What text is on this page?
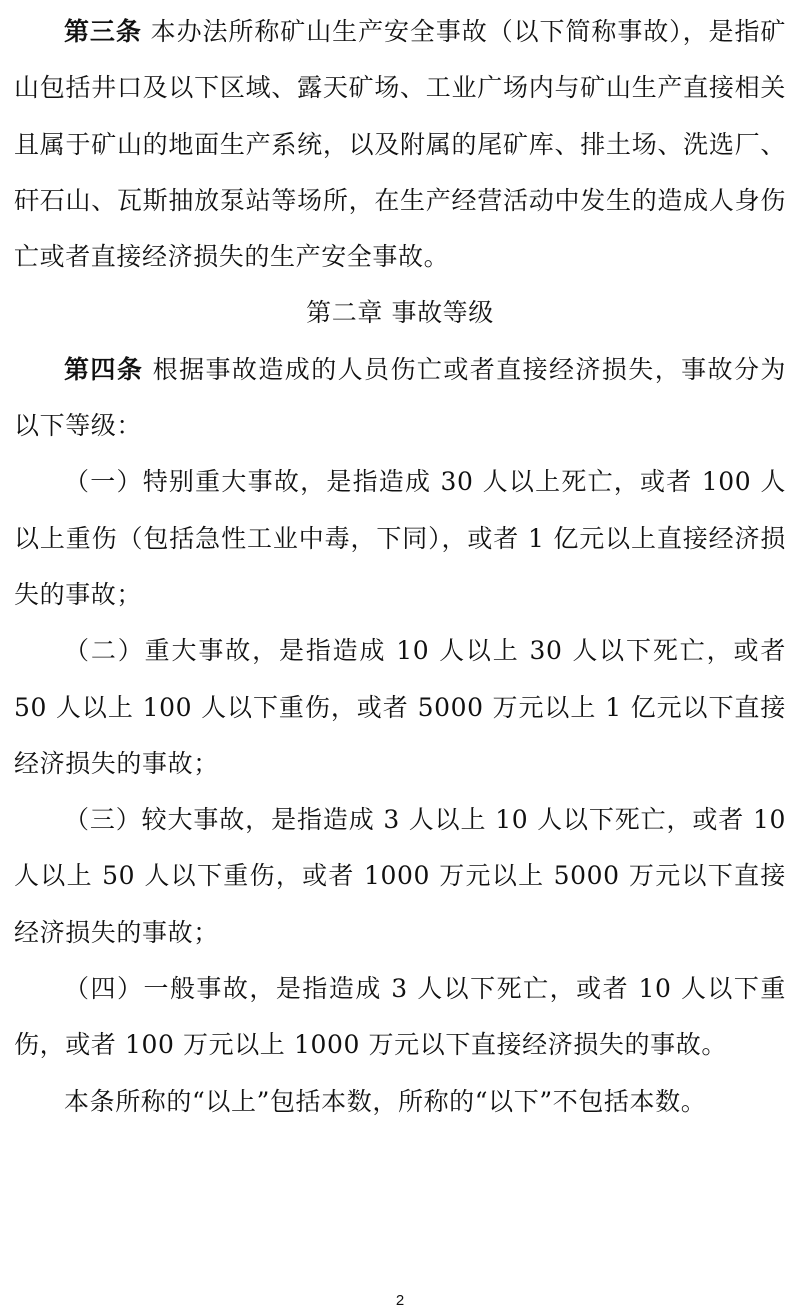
第三条 本办法所称矿山生产安全事故（以下简称事故），是指矿山包括井口及以下区域、露天矿场、工业广场内与矿山生产直接相关且属于矿山的地面生产系统，以及附属的尾矿库、排土场、洗选厂、矸石山、瓦斯抽放泵站等场所，在生产经营活动中发生的造成人身伤亡或者直接经济损失的生产安全事故。

第二章 事故等级

第四条 根据事故造成的人员伤亡或者直接经济损失，事故分为以下等级：

（一）特别重大事故，是指造成 30 人以上死亡，或者 100 人以上重伤（包括急性工业中毒，下同），或者 1 亿元以上直接经济损失的事故；

（二）重大事故，是指造成 10 人以上 30 人以下死亡，或者 50 人以上 100 人以下重伤，或者 5000 万元以上 1 亿元以下直接经济损失的事故；

（三）较大事故，是指造成 3 人以上 10 人以下死亡，或者 10 人以上 50 人以下重伤，或者 1000 万元以上 5000 万元以下直接经济损失的事故；

（四）一般事故，是指造成 3 人以下死亡，或者 10 人以下重伤，或者 100 万元以上 1000 万元以下直接经济损失的事故。

本条所称的“以上”包括本数，所称的“以下”不包括本数。

2
